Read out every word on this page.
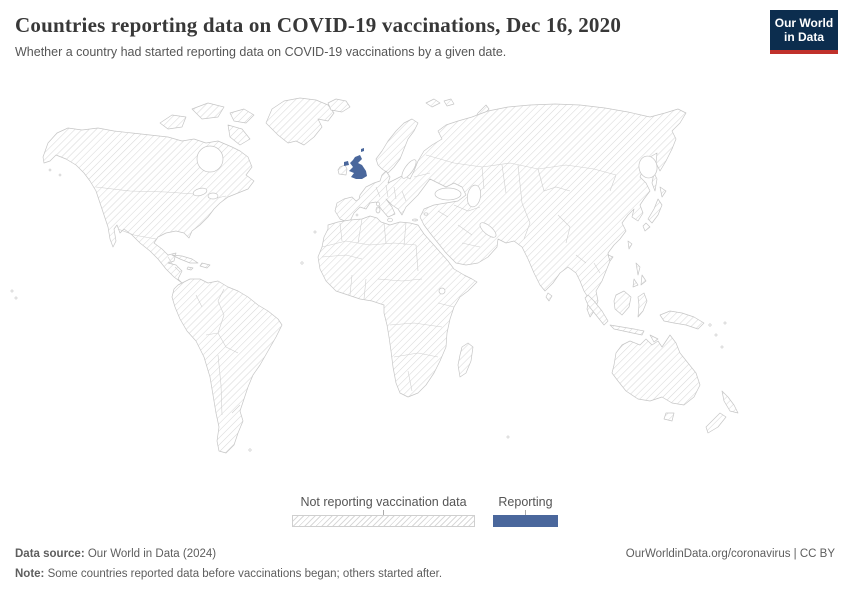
Countries reporting data on COVID-19 vaccinations, Dec 16, 2020

Whether a country had started reporting data on COVID-19 vaccinations by a given date.

Our World
in Data
Not reporting vaccination data	Reporting
Data source: Our World in Data (2024)	OurWorldinData.org/coronavirus | CC BY
Note: Some countries reported data before vaccinations began; others started after.
